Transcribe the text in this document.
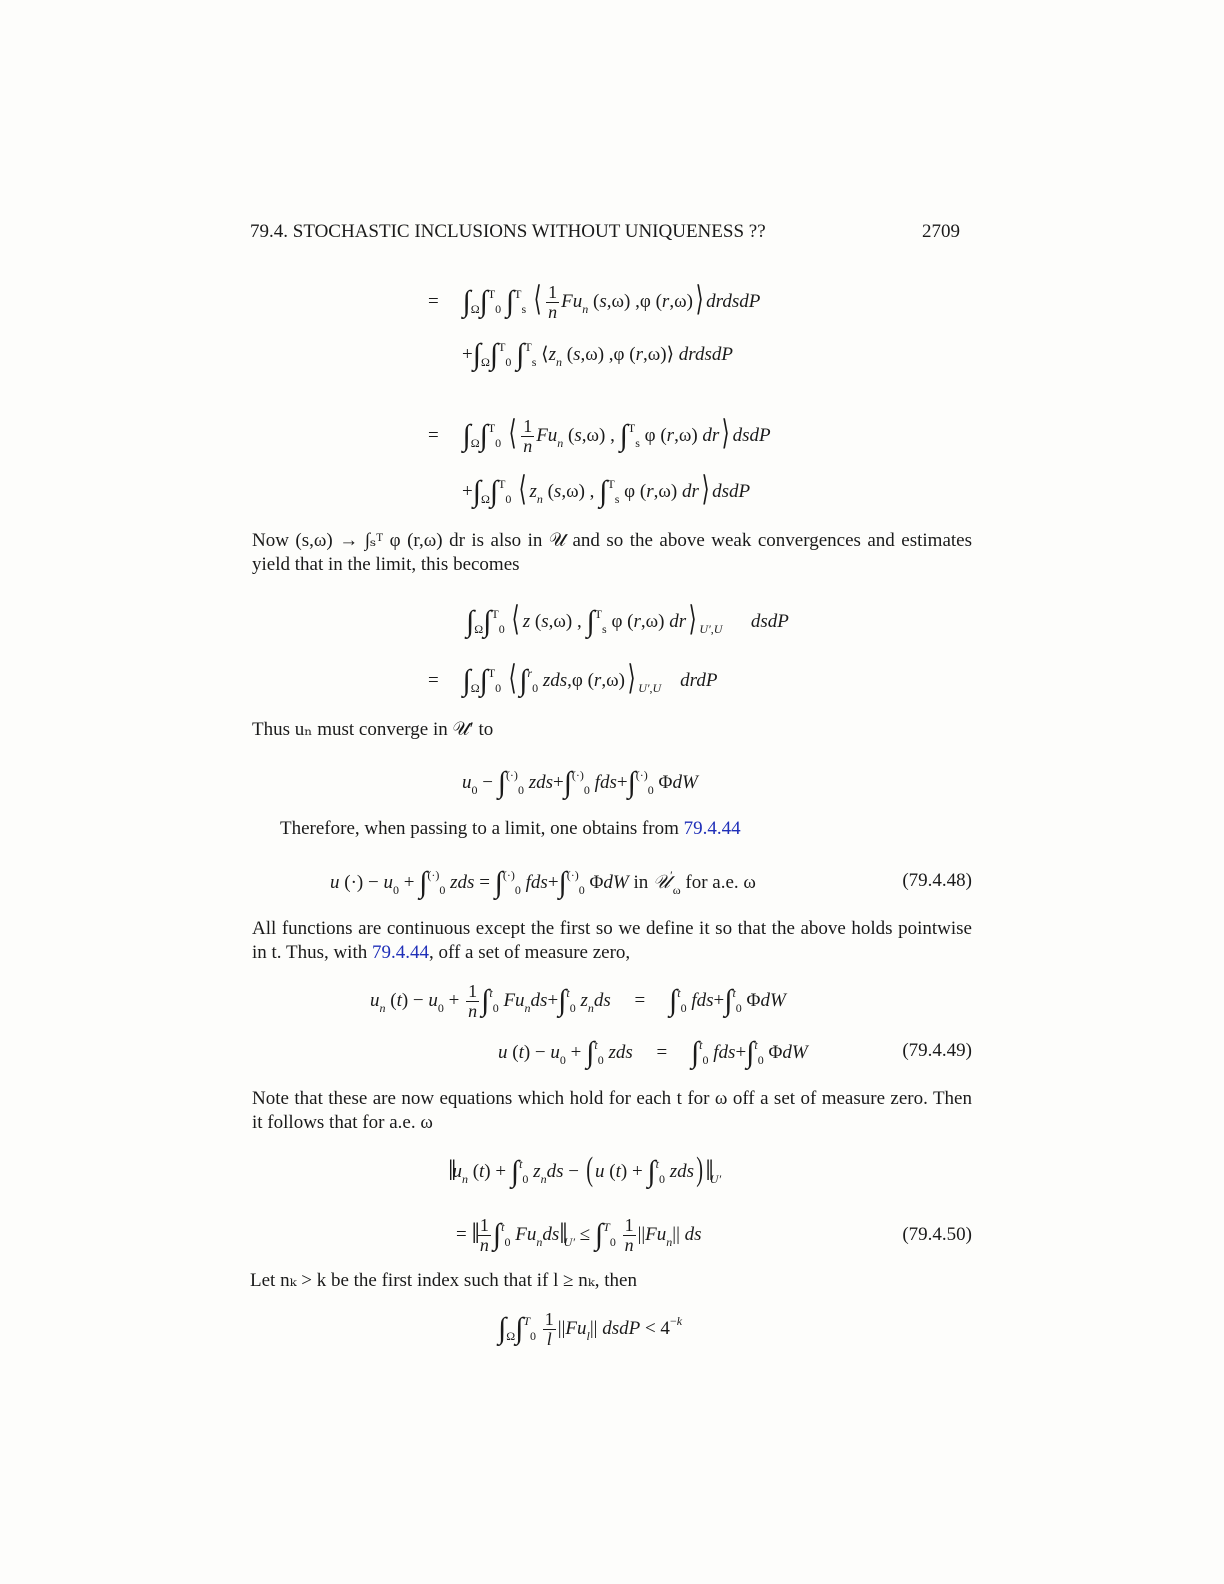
79.4. STOCHASTIC INCLUSIONS WITHOUT UNIQUENESS ??	2709
=     $\int_\Omega\int^T_0$ ∫$^T_s$ ⟨ $\frac{1}{n} Fu_n$ (s,ω) ,φ (r,ω)⟩ drdsdP
$+\int_\Omega\int^T_0$ ∫$^T_s$ $⟨z_n$ (s,ω) ,φ (r,ω)⟩ drdsdP
=     $\int_\Omega\int^T_0$ ⟨ $\frac{1}{n} Fu_n$ (s,ω) , ∫$^T_s$ φ (r,ω) dr⟩ dsdP
$+\int_\Omega\int^T_0$ ⟨ $z_n$ (s,ω) , ∫$^T_s$ φ (r,ω) dr⟩ dsdP
Now (s,ω) → ∫ₛᵀ φ (r,ω) dr is also in 𝒰 and so the above weak convergences and estimates yield that in the limit, this becomes
$\int_\Omega\int^T_0$ ⟨ z (s,ω) , ∫$^T_s$ φ (r,ω) dr⟩ $_{U',U}$ dsdP
=     $\int_\Omega\int^T_0$ ⟨∫$^r_0$ zds,φ (r,ω)⟩ $_{U',U}$ drdP
Thus uₙ must converge in 𝒰′ to
$u_0 - \int^{(\cdot)}_0$ $zds+\int^{(\cdot)}_0$ $fds+\int^{(\cdot)}_0$ ΦdW
Therefore, when passing to a limit, one obtains from 79.4.44
u (·) − $u_0 + \int^{(\cdot)}_0$ zds = $\int^{(\cdot)}_0$ $fds+\int^{(\cdot)}_0$ ΦdW in 𝒰′$_\omega$ for a.e. ω	(79.4.48)
All functions are continuous except the first so we define it so that the above holds pointwise in t. Thus, with 79.4.44, off a set of measure zero,
$u_n$ $(t) - u_0 + \frac{1}{n} \int^t_0$ $Fu_nds+\int^t_0$ $z_nds$     =     ∫$^t_0$ fds+∫$^t_0$ ΦdW
u $(t) - u_0 + \int^t_0$ zds     =     ∫$^t_0$ fds+∫$^t_0$ ΦdW	(79.4.49)
Note that these are now equations which hold for each t for ω off a set of measure zero. Then it follows that for a.e. ω
$‖u_n$ (t) + ∫$^t_0$ $z_nds$ − ( u (t) + ∫$^t_0$ $zds)‖_{U'}$
= ‖ $\frac{1}{n} \int^t_0$ $Fu_nds‖_{U'} \le \int^T_0 \frac{1}{n} ||Fu_n||$ ds	(79.4.50)
Let nₖ > k be the first index such that if l ≥ nₖ, then
$\int_\Omega\int^T_0 \frac{1}{l} ||Fu_l||$ dsdP < $4^{-k}$
